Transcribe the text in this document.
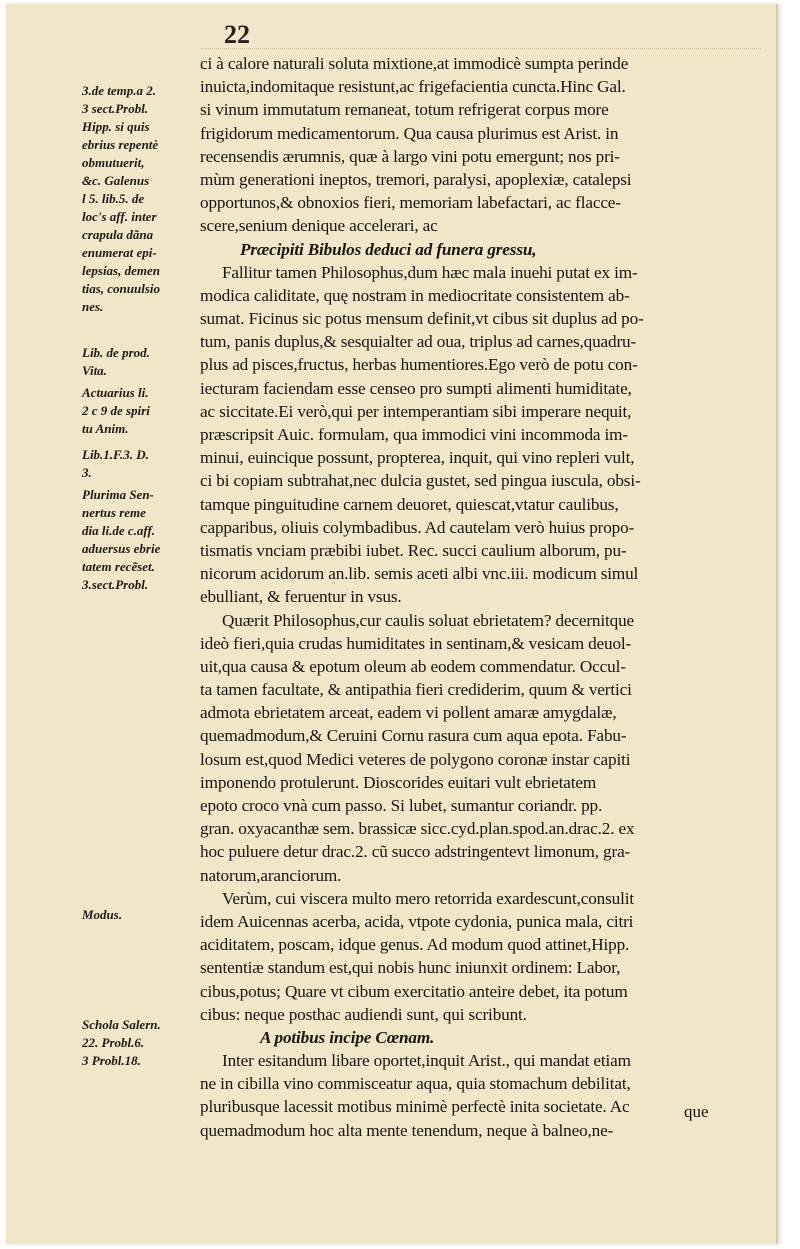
22
3.de temp.a 2.
3 sect.Probl.
Hipp. si quis
ebrius repentè
obmutuerit,
&c. Galenus
l 5. lib.5. de
loc's aff. inter
crapula dãna
enumerat epi-
lepsias, demen
tias, conuulsio
nes.
Lib. de prod.
Vita.
Actuarius li.
2 c 9 de spiri
tu Anim.
Lib.1.F.3. D.
3.
Plurima Sen-
nertus reme
dia li.de c.aff.
aduersus ebrie
tatem recẽset.
3.sect.Probl.
Modus.
Schola Salern.
22. Probl.6.
3 Probl.18.
ci à calore naturali soluta mixtione,at immodicè sumpta perinde
inuicta,indomitaque resistunt,ac frigefacientia cuncta.Hinc Gal.
si vinum immutatum remaneat, totum refrigerat corpus more
frigidorum medicamentorum. Qua causa plurimus est Arist. in
recensendis ærumnis, quæ à largo vini potu emergunt; nos pri-
mùm generationi ineptos, tremori, paralysi, apoplexiæ, catalepsi
opportunos,& obnoxios fieri, memoriam labefactari, ac flacce-
scere,senium denique accelerari, ac
Præcipiti Bibulos deduci ad funera gressu,
Fallitur tamen Philosophus,dum hæc mala inuehi putat ex im-
modica caliditate, quę nostram in mediocritate consistentem ab-
sumat. Ficinus sic potus mensum definit,vt cibus sit duplus ad po-
tum, panis duplus,& sesquialter ad oua, triplus ad carnes,quadru-
plus ad pisces,fructus, herbas humentiores.Ego verò de potu con-
iecturam faciendam esse censeo pro sumpti alimenti humiditate,
ac siccitate.Ei verò,qui per intemperantiam sibi imperare nequit,
præscripsit Auic. formulam, qua immodici vini incommoda im-
minui, euincique possunt, propterea, inquit, qui vino repleri vult,
ci bi copiam subtrahat,nec dulcia gustet, sed pingua iuscula, obsi-
tamque pinguitudine carnem deuoret, quiescat,vtatur caulibus,
capparibus, oliuis colymbadibus. Ad cautelam verò huius propo-
tismatis vnciam præbibi iubet. Rec. succi caulium alborum, pu-
nicorum acidorum an.lib. semis aceti albi vnc.iii. modicum simul
ebulliant, & feruentur in vsus.
Quærit Philosophus,cur caulis soluat ebrietatem? decernitque
ideò fieri,quia crudas humiditates in sentinam,& vesicam deuol-
uit,qua causa & epotum oleum ab eodem commendatur. Occul-
ta tamen facultate, & antipathia fieri crediderim, quum & vertici
admota ebrietatem arceat, eadem vi pollent amaræ amygdalæ,
quemadmodum,& Ceruini Cornu rasura cum aqua epota. Fabu-
losum est,quod Medici veteres de polygono coronæ instar capiti
imponendo protulerunt. Dioscorides euitari vult ebrietatem
epoto croco vnà cum passo. Si lubet, sumantur coriandr. pp.
gran. oxyacanthæ sem. brassicæ sicc.cyd.plan.spod.an.drac.2. ex
hoc puluere detur drac.2. cũ succo adstringentevt limonum, gra-
natorum,aranciorum.
Verùm, cui viscera multo mero retorrida exardescunt,consulit
idem Auicennas acerba, acida, vtpote cydonia, punica mala, citri
aciditatem, poscam, idque genus. Ad modum quod attinet,Hipp.
sententiæ standum est,qui nobis hunc iniunxit ordinem: Labor,
cibus,potus; Quare vt cibum exercitatio anteire debet, ita potum
cibus: neque posthac audiendi sunt, qui scribunt.
A potibus incipe Cœnam.
Inter esitandum libare oportet,inquit Arist., qui mandat etiam
ne in cibilla vino commisceatur aqua, quia stomachum debilitat,
pluribusque lacessit motibus minimè perfectè inita societate. Ac
quemadmodum hoc alta mente tenendum, neque à balneo,ne-
que
